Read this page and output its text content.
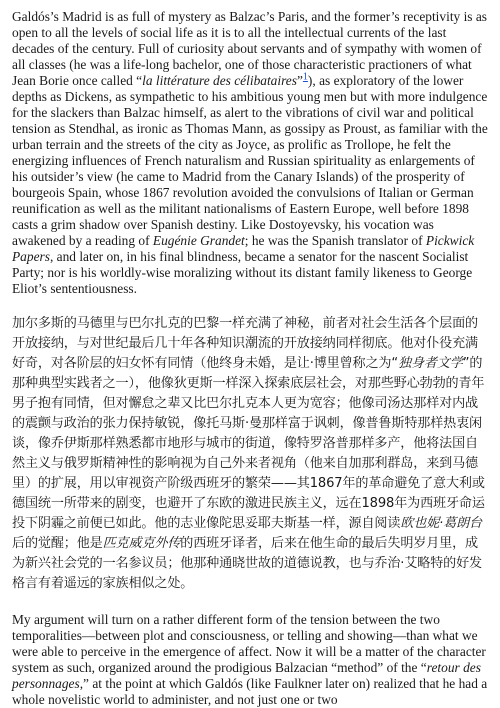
Galdós’s Madrid is as full of mystery as Balzac’s Paris, and the former’s receptivity is as open to all the levels of social life as it is to all the intellectual currents of the last decades of the century. Full of curiosity about servants and of sympathy with women of all classes (he was a life-long bachelor, one of those characteristic practioners of what Jean Borie once called “la littérature des célibataires”$^1$), as exploratory of the lower depths as Dickens, as sympathetic to his ambitious young men but with more indulgence for the slackers than Balzac himself, as alert to the vibrations of civil war and political tension as Stendhal, as ironic as Thomas Mann, as gossipy as Proust, as familiar with the urban terrain and the streets of the city as Joyce, as prolific as Trollope, he felt the energizing influences of French naturalism and Russian spirituality as enlargements of his outsider’s view (he came to Madrid from the Canary Islands) of the prosperity of bourgeois Spain, whose 1867 revolution avoided the convulsions of Italian or German reunification as well as the militant nationalisms of Eastern Europe, well before 1898 casts a grim shadow over Spanish destiny. Like Dostoyevsky, his vocation was awakened by a reading of Eugénie Grandet; he was the Spanish translator of Pickwick Papers, and later on, in his final blindness, became a senator for the nascent Socialist Party; nor is his worldly-wise moralizing without its distant family likeness to George Eliot’s sententiousness.

加尔多斯的马德里与巴尔扎克的巴黎一样充满了神秘，前者对社会生活各个层面的开放接纳，与对世纪最后几十年各种知识潮流的开放接纳同样彻底。他对仆役充满好奇，对各阶层的妇女怀有同情（他终身未婚，是让·博里曾称之为“独身者文学”的那种典型实践者之一），他像狄更斯一样深入探索底层社会，对那些野心勃勃的青年男子抱有同情，但对懈怠之辈又比巴尔扎克本人更为宽容；他像司汤达那样对内战的震颤与政治的张力保持敏锐，像托马斯·曼那样富于讽刺，像普鲁斯特那样热衷闲谈，像乔伊斯那样熟悉都市地形与城市的街道，像特罗洛普那样多产，他将法国自然主义与俄罗斯精神性的影响视为自己外来者视角（他来自加那利群岛，来到马德里）的扩展，用以审视资产阶级西班牙的繁荣——其1867年的革命避免了意大利或德国统一所带来的剧变，也避开了东欧的激进民族主义，远在1898年为西班牙命运投下阴霾之前便已如此。他的志业像陀思妥耶夫斯基一样，源自阅读欧也妮·葛朗台后的觉醒；他是匹克威克外传的西班牙译者，后来在他生命的最后失明岁月里，成为新兴社会党的一名参议员；他那种通晓世故的道德说教，也与乔治·艾略特的好发格言有着遥远的家族相似之处。

My argument will turn on a rather different form of the tension between the two temporalities—between plot and consciousness, or telling and showing—than what we were able to perceive in the emergence of affect. Now it will be a matter of the character system as such, organized around the prodigious Balzacian “method” of the “retour des personnages,” at the point at which Galdós (like Faulkner later on) realized that he had a whole novelistic world to administer, and not just one or two
